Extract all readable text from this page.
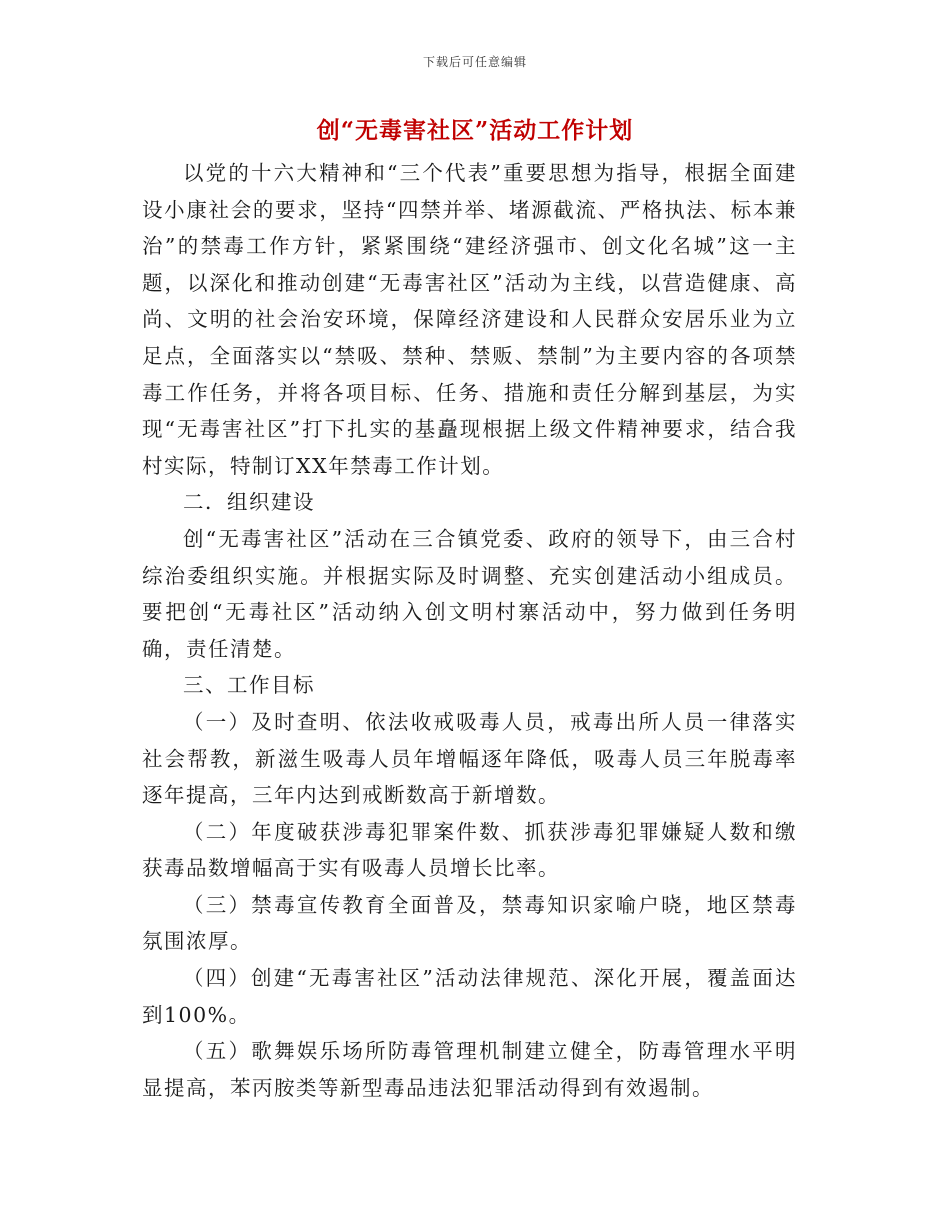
下载后可任意编辑
创“无毒害社区”活动工作计划

以党的十六大精神和“三个代表”重要思想为指导，根据全面建设小康社会的要求，坚持“四禁并举、堵源截流、严格执法、标本兼治”的禁毒工作方针，紧紧围绕“建经济强市、创文化名城”这一主题，以深化和推动创建“无毒害社区”活动为主线，以营造健康、高尚、文明的社会治安环境，保障经济建设和人民群众安居乐业为立足点，全面落实以“禁吸、禁种、禁贩、禁制”为主要内容的各项禁毒工作任务，并将各项目标、任务、措施和责任分解到基层，为实现“无毒害社区”打下扎实的基矗现根据上级文件精神要求，结合我村实际，特制订XX年禁毒工作计划。

二．组织建设

创“无毒害社区”活动在三合镇党委、政府的领导下，由三合村综治委组织实施。并根据实际及时调整、充实创建活动小组成员。要把创“无毒社区”活动纳入创文明村寨活动中，努力做到任务明确，责任清楚。

三、工作目标

（一）及时查明、依法收戒吸毒人员，戒毒出所人员一律落实社会帮教，新滋生吸毒人员年增幅逐年降低，吸毒人员三年脱毒率逐年提高，三年内达到戒断数高于新增数。

（二）年度破获涉毒犯罪案件数、抓获涉毒犯罪嫌疑人数和缴获毒品数增幅高于实有吸毒人员增长比率。

（三）禁毒宣传教育全面普及，禁毒知识家喻户晓，地区禁毒氛围浓厚。

（四）创建“无毒害社区”活动法律规范、深化开展，覆盖面达到100%。

（五）歌舞娱乐场所防毒管理机制建立健全，防毒管理水平明显提高，苯丙胺类等新型毒品违法犯罪活动得到有效遏制。
